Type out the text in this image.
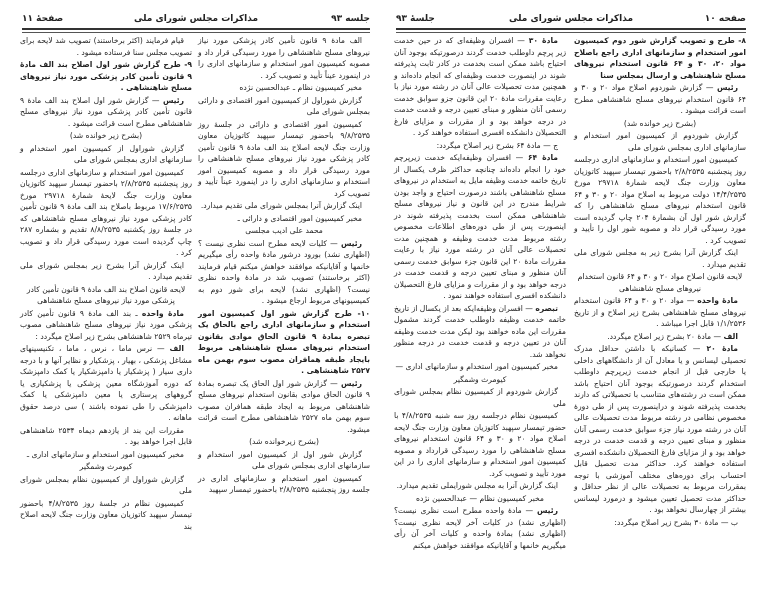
جلسه ۹۳
مذاکرات مجلس شورای ملی
صفحهٔ ۱۱

قیام فرمایند (اکثر برخاستند) تصویب شد لایحه برای تصویب مجلس سنا فرستاده میشود .

۹- طرح گزارش شور اول اصلاح بند الف مادهٔ ۹ قانون تأمین کادر پزشکی مورد نیاز نیروهای مسلح شاهنشاهی .

رئیس — گزارش شور اول اصلاح بند الف مادهٔ ۹ قانون تأمین کادر پزشکی مورد نیاز نیروهای مسلح شاهنشاهی مطرح است قرائت میشود .

(بشرح زیر خوانده شد)

گزارش شوراول از کمیسیون امور استخدام و سازمانهای اداری بمجلس شورای ملی

کمیسیون امور استخدام و سازمانهای اداری درجلسه روز پنجشنبه ۲/۸/۲۵۳۵ باحضور تیمسار سپهبد کاتوزیان معاون وزارت جنگ لایحهٔ شمارهٔ ۲۹۷۱۸ مورخ ۱۷/۶/۲۵۳۵ مربوط باصلاح بند الف مادهٔ ۹ قانون تأمین کادر پزشکی مورد نیاز نیروهای مسلح شاهنشاهی که در جلسهٔ روز یکشنبه ۸/۸/۲۵۳۵ تقدیم و بشماره ۲۸۷ چاپ گردیده است مورد رسیدگی قرار داد و تصویب کرد .

اینک گزارش آنرا بشرح زیر بمجلس شورای ملی تقدیم میدارد .

لایحه قانون اصلاح بند الف مادهٔ ۹ قانون تأمین کادر پزشکی مورد نیاز نیروهای مسلح شاهنشاهی

مادهٔ واحده ـ بند الف مادهٔ ۹ قانون تأمین کادر پزشکی مورد نیاز نیروهای مسلح شاهنشاهی مصوب تیرماه ۲۵۲۹ شاهنشاهی بشرح زیر اصلاح میگردد :

الف — نرس ماما ، نرس ، ماما ، تکنیسینهای مشاغل پزشکی ، بهیار ، پزشکیار و نظایر آنها و با درجه داری سیار ( پزشکیار یا دامپزشکیار یا کمک دامپزشک که دوره آموزشگاه معین پزشکی یا پزشکیاری یا گروههای پرستاری یا معین دامپزشکی یا کمک دامپزشکی را طی نموده باشند ) سی درصد حقوق ماهانه .

مقررات این بند از یازدهم دیماه ۲۵۳۴ شاهنشاهی قابل اجرا خواهد بود .

مخبر کمیسیون امور استخدام و سازمانهای اداری ـ

کیومرث وشمگیر

گزارش شوراول از کمیسیون نظام بمجلس شورای ملی

کمیسیون نظام در جلسهٔ روز ۴/۸/۲۵۳۵ باحضور تیمسار سپهبد کاتوزیان معاون وزارت جنگ لایحه اصلاح بند

الف مادهٔ ۹ قانون تأمین کادر پزشکی مورد نیاز نیروهای مسلح شاهنشاهی را مورد رسیدگی قرار داد و مصوبه کمیسیون امور استخدام و سازمانهای اداری را در اینمورد عیناً تأیید و تصویب کرد .

مخبر کمیسیون نظام ـ عبدالحسین نژده

گزارش شوراول از کمیسیون امور اقتصادی و دارائی بمجلس شورای ملی

کمیسیون امور اقتصادی و دارائی در جلسهٔ روز ۹/۸/۲۵۳۵ باحضور تیمسار سپهبد کاتوزیان معاون وزارت جنگ لایحه اصلاح بند الف مادهٔ ۹ قانون تأمین کادر پزشکی مورد نیاز نیروهای مسلح شاهنشاهی را مورد رسیدگی قرار داد و مصوبه کمیسیون امور استخدام و سازمانهای اداری را در اینمورد عیناً تأیید و تصویب کرد

اینک گزارش آنرا بمجلس شورای ملی تقدیم میدارد.

مخبر کمیسیون امور اقتصادی و دارائی ـ

محمد علی ادیب مجلسی

رئیس — کلیات لایحه مطرح است نظری نیست ؟ (اظهاری نشد) بورود درشور مادهٔ واحده رأی میگیریم خانمها و آقایانیکه موافقند خواهش میکنم قیام فرمایند (اکثر برخاستند) تصویب شد در مادهٔ واحده نظری نیست؟ (اظهاری نشد) لایحه برای شور دوم به کمیسیونهای مربوط ارجاع میشود .

۱۰- طرح گزارش شور اول کمیسیون امور استخدام و سازمانهای اداری راجع بالحاق یک تبصره بمادهٔ ۹ قانون الحاق موادی بقانون استخدام نیروهای مسلح شاهنشاهی مربوط بایجاد طبقه همافران مصوب سوم بهمن ماه ۲۵۲۷ شاهنشاهی .

رئیس — گزارش شور اول الحاق یک تبصره بمادهٔ ۹ قانون الحاق موادی بقانون استخدام نیروهای مسلح شاهنشاهی مربوط به ایجاد طبقه همافران مصوب سوم بهمن ماه ۲۵۲۷ شاهنشاهی مطرح است قرائت میشود.

(بشرح زیرخوانده شد)

گزارش شور اول از کمیسیون امور استخدام و سازمانهای اداری بمجلس شورای ملی

کمیسیون امور استخدام و سازمانهای اداری در جلسه روز پنجشنبه ۲/۸/۲۵۳۵ باحضور تیمسار سپهبد

صفحه ۱۰
مذاکرات مجلس شورای ملی
جلسهٔ ۹۳

مادهٔ ۳۰ — افسران وظیفه‌ای که در حین خدمت زیر پرچم داوطلب خدمت گردند درصورتیکه بوجود آنان احتیاج باشد ممکن است بخدمت در کادر ثابت پذیرفته شوند در اینصورت خدمت وظیفه‌ای که انجام داده‌اند و همچنین مدت تحصیلات عالی آنان در رشته مورد نیاز با رعایت مقررات مادهٔ ۲۰ این قانون جزو سوابق خدمت رسمی آنان منظور و مبنای تعیین درجه و قدمت خدمت در درجه خواهد بود و از مقررات و مزایای فارغ التحصیلان دانشکده افسری استفاده خواهند کرد .

ج — مادهٔ ۶۴ بشرح زیر اصلاح میگردد:

مادهٔ ۶۴ — افسران وظیفه‌ایکه خدمت زیرپرچم خود را انجام داده‌اند چنانچه حداکثر ظرف یکسال از تاریخ خاتمه خدمت وظیفه مایل به استخدام در نیروهای مسلح شاهنشاهی باشند درصورت احتیاج و واجد بودن شرایط مندرج در این قانون و نیاز نیروهای مسلح شاهنشاهی ممکن است بخدمت پذیرفته شوند در اینصورت پس از طی دوره‌های اطلاعات مخصوص رشته مربوط مدت خدمت وظیفه و همچنین مدت تحصیلات عالی آنان در رشته مورد نیاز با رعایت مقررات مادهٔ ۲۰ این قانون جزء سوابق خدمت رسمی آنان منظور و مبنای تعیین درجه و قدمت خدمت در درجه خواهد بود و از مقررات و مزایای فارغ التحصیلان دانشکده افسری استفاده خواهند نمود .

تبصره — افسران وظیفه‌ایکه بعد از یکسال از تاریخ خاتمه خدمت وظیفه داوطلب خدمت گردند مشمول مقررات این ماده خواهند بود لیکن مدت خدمت وظیفه آنان در تعیین درجه و قدمت خدمت در درجه منظور نخواهد شد.

مخبر کمیسیون امور استخدام و سازمانهای اداری —

کیومرث وشمگیر

گزارش شوردوم از کمیسیون نظام بمجلس شورای ملی

کمیسیون نظام درجلسه روز سه شنبه ۴/۸/۲۵۳۵ با حضور تیمسار سپهبد کاتوزیان معاون وزارت جنگ لایحه اصلاح مواد ۲۰ و ۳۰ و ۶۴ قانون استخدام نیروهای مسلح شاهنشاهی را مورد رسیدگی قرارداد و مصوبه کمیسیون امور استخدام و سازمانهای اداری را در این مورد تأیید و تصویب کرد.

اینک گزارش آنرا به مجلس شورایملی تقدیم میدارد.

مخبر کمیسیون نظام — عبدالحسین نژده

رئیس — مادهٔ واحده مطرح است نظری نیست؟ (اظهاری نشد) در کلیات آخر لایحه نظری نیست؟ (اظهاری نشد) بمادهٔ واحده و کلیات آخر آن رأی میگیریم خانمها و آقایانیکه موافقند خواهش میکنم

۸- طرح و تصویب گزارش شور دوم کمیسیون امور استخدام و سازمانهای اداری راجع باصلاح مواد ۲۰، ۳۰ و ۶۴ قانون استخدام نیروهای مسلح شاهنشاهی و ارسال بمجلس سنا

رئیس — گزارش شوردوم اصلاح مواد ۲۰ و ۳۰ و ۶۴ قانون استخدام نیروهای مسلح شاهنشاهی مطرح است قرائت میشود .

(بشرح زیر خوانده شد)

گزارش شوردوم از کمیسیون امور استخدام و سازمانهای اداری بمجلس شورای ملی

کمیسیون امور استخدام و سازمانهای اداری درجلسه روز پنجشنبه ۲/۸/۲۵۳۵ باحضور تیمسار سپهبد کاتوزیان معاون وزارت جنگ لایحه شمارهٔ ۲۹۷۱۸ مورخ ۱۴/۴/۲۵۳۵ دولت مربوط به اصلاح مواد ۲۰ و ۳۰ و ۶۴ قانون استخدام نیروهای مسلح شاهنشاهی را که گزارش شور اول آن بشمارهٔ ۲۰۴ چاپ گردیده است مورد رسیدگی قرار داد و مصوبه شور اول را تأیید و تصویب کرد .

اینک گزارش آنرا بشرح زیر به مجلس شورای ملی تقدیم میدارد .

لایحه قانون اصلاح مواد ۲۰ و ۳۰ و ۶۴ قانون استخدام نیروهای مسلح شاهنشاهی

مادهٔ واحده — مواد ۲۰ و ۳۰ و ۶۴ قانون استخدام نیروهای مسلح شاهنشاهی بشرح زیر اصلاح و از تاریخ ۱/۱/۲۵۳۶ قابل اجرا میباشد .

الف — مادهٔ ۲۰ بشرح زیر اصلاح میگردد.

مادهٔ ۲۰ — کسانیکه با داشتن حداقل مدرک تحصیلی لیسانس و یا معادل آن از دانشگاههای داخلی یا خارجی قبل از انجام خدمت زیرپرچم داوطلب استخدام گردند درصورتیکه بوجود آنان احتیاج باشد ممکن است در رشته‌های متناسب با تحصیلاتی که دارند بخدمت پذیرفته شوند و دراینصورت پس از طی دورهٔ مخصوص نظامی در رشته مربوط مدت تحصیلات عالی آنان در رشته مورد نیاز جزء سوابق خدمت رسمی آنان منظور و مبنای تعیین درجه و قدمت خدمت در درجه خواهد بود و از مزایای فارغ التحصیلان دانشکده افسری استفاده خواهند کرد. حداکثر مدت تحصیل قابل احتساب برای دوره‌های مختلف آموزشی با توجه بمقررات مربوط به تحصیلات عالی از نظر حداقل و حداکثر مدت تحصیل تعیین میشود و درمورد لیسانس بیشتر از چهارسال نخواهد بود .

ب — مادهٔ ۳۰ بشرح زیر اصلاح میگردد:
